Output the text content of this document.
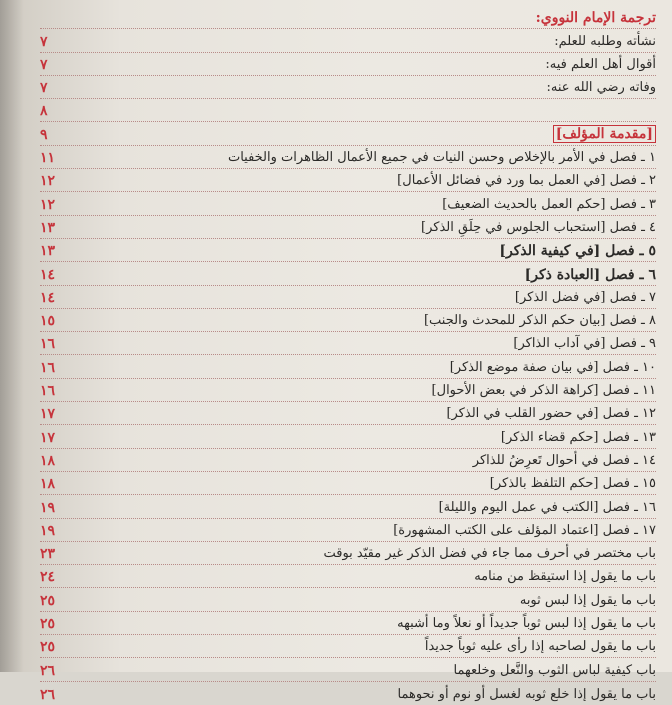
ترجمة الإمام النووي:
نشأته وطلبه للعلم:
٧
أقوال أهل العلم فيه:
٧
وفاته رضي الله عنه:
٧
٨
[مقدمة المؤلف]
٩
١ ـ فصل في الأمر بالإخلاص وحسن النيات في جميع الأعمال الظاهرات والخفيات
١١
٢ ـ فصل [في العمل بما ورد في فضائل الأعمال]
١٢
٣ ـ فصل [حكم العمل بالحديث الضعيف]
١٢
٤ ـ فصل [استحباب الجلوس في حِلَقِ الذكر]
١٣
٥ ـ فصل [في كيفية الذكر]
١٣
٦ ـ فصل [العبادة ذكر]
١٤
٧ ـ فصل [في فضل الذكر]
١٤
٨ ـ فصل [بيان حكم الذكر للمحدث والجنب]
١٥
٩ ـ فصل [في آداب الذاكر]
١٦
١٠ ـ فصل [في بيان صفة موضع الذكر]
١٦
١١ ـ فصل [كراهة الذكر في بعض الأحوال]
١٦
١٢ ـ فصل [في حضور القلب في الذكر]
١٧
١٣ ـ فصل [حكم قضاء الذكر]
١٧
١٤ ـ فصل في أحوال تَعرِضُ للذاكر
١٨
١٥ ـ فصل [حكم التلفظ بالذكر]
١٨
١٦ ـ فصل [الكتب في عمل اليوم والليلة]
١٩
١٧ ـ فصل [اعتماد المؤلف على الكتب المشهورة]
١٩
باب مختصر في أحرف مما جاء في فضل الذكر غير مقيّد بوقت
٢٣
باب ما يقول إذا استيقظ من منامه
٢٤
باب ما يقول إذا لبس ثوبه
٢٥
باب ما يقول إذا لبس ثوباً جديداً أو نعلاً وما أشبهه
٢٥
باب ما يقول لصاحبه إذا رأى عليه ثوباً جديداً
٢٥
باب كيفية لباس الثوب والنَّعل وخلعهما
٢٦
باب ما يقول إذا خلع ثوبه لغسل أو نوم أو نحوهما
٢٦
